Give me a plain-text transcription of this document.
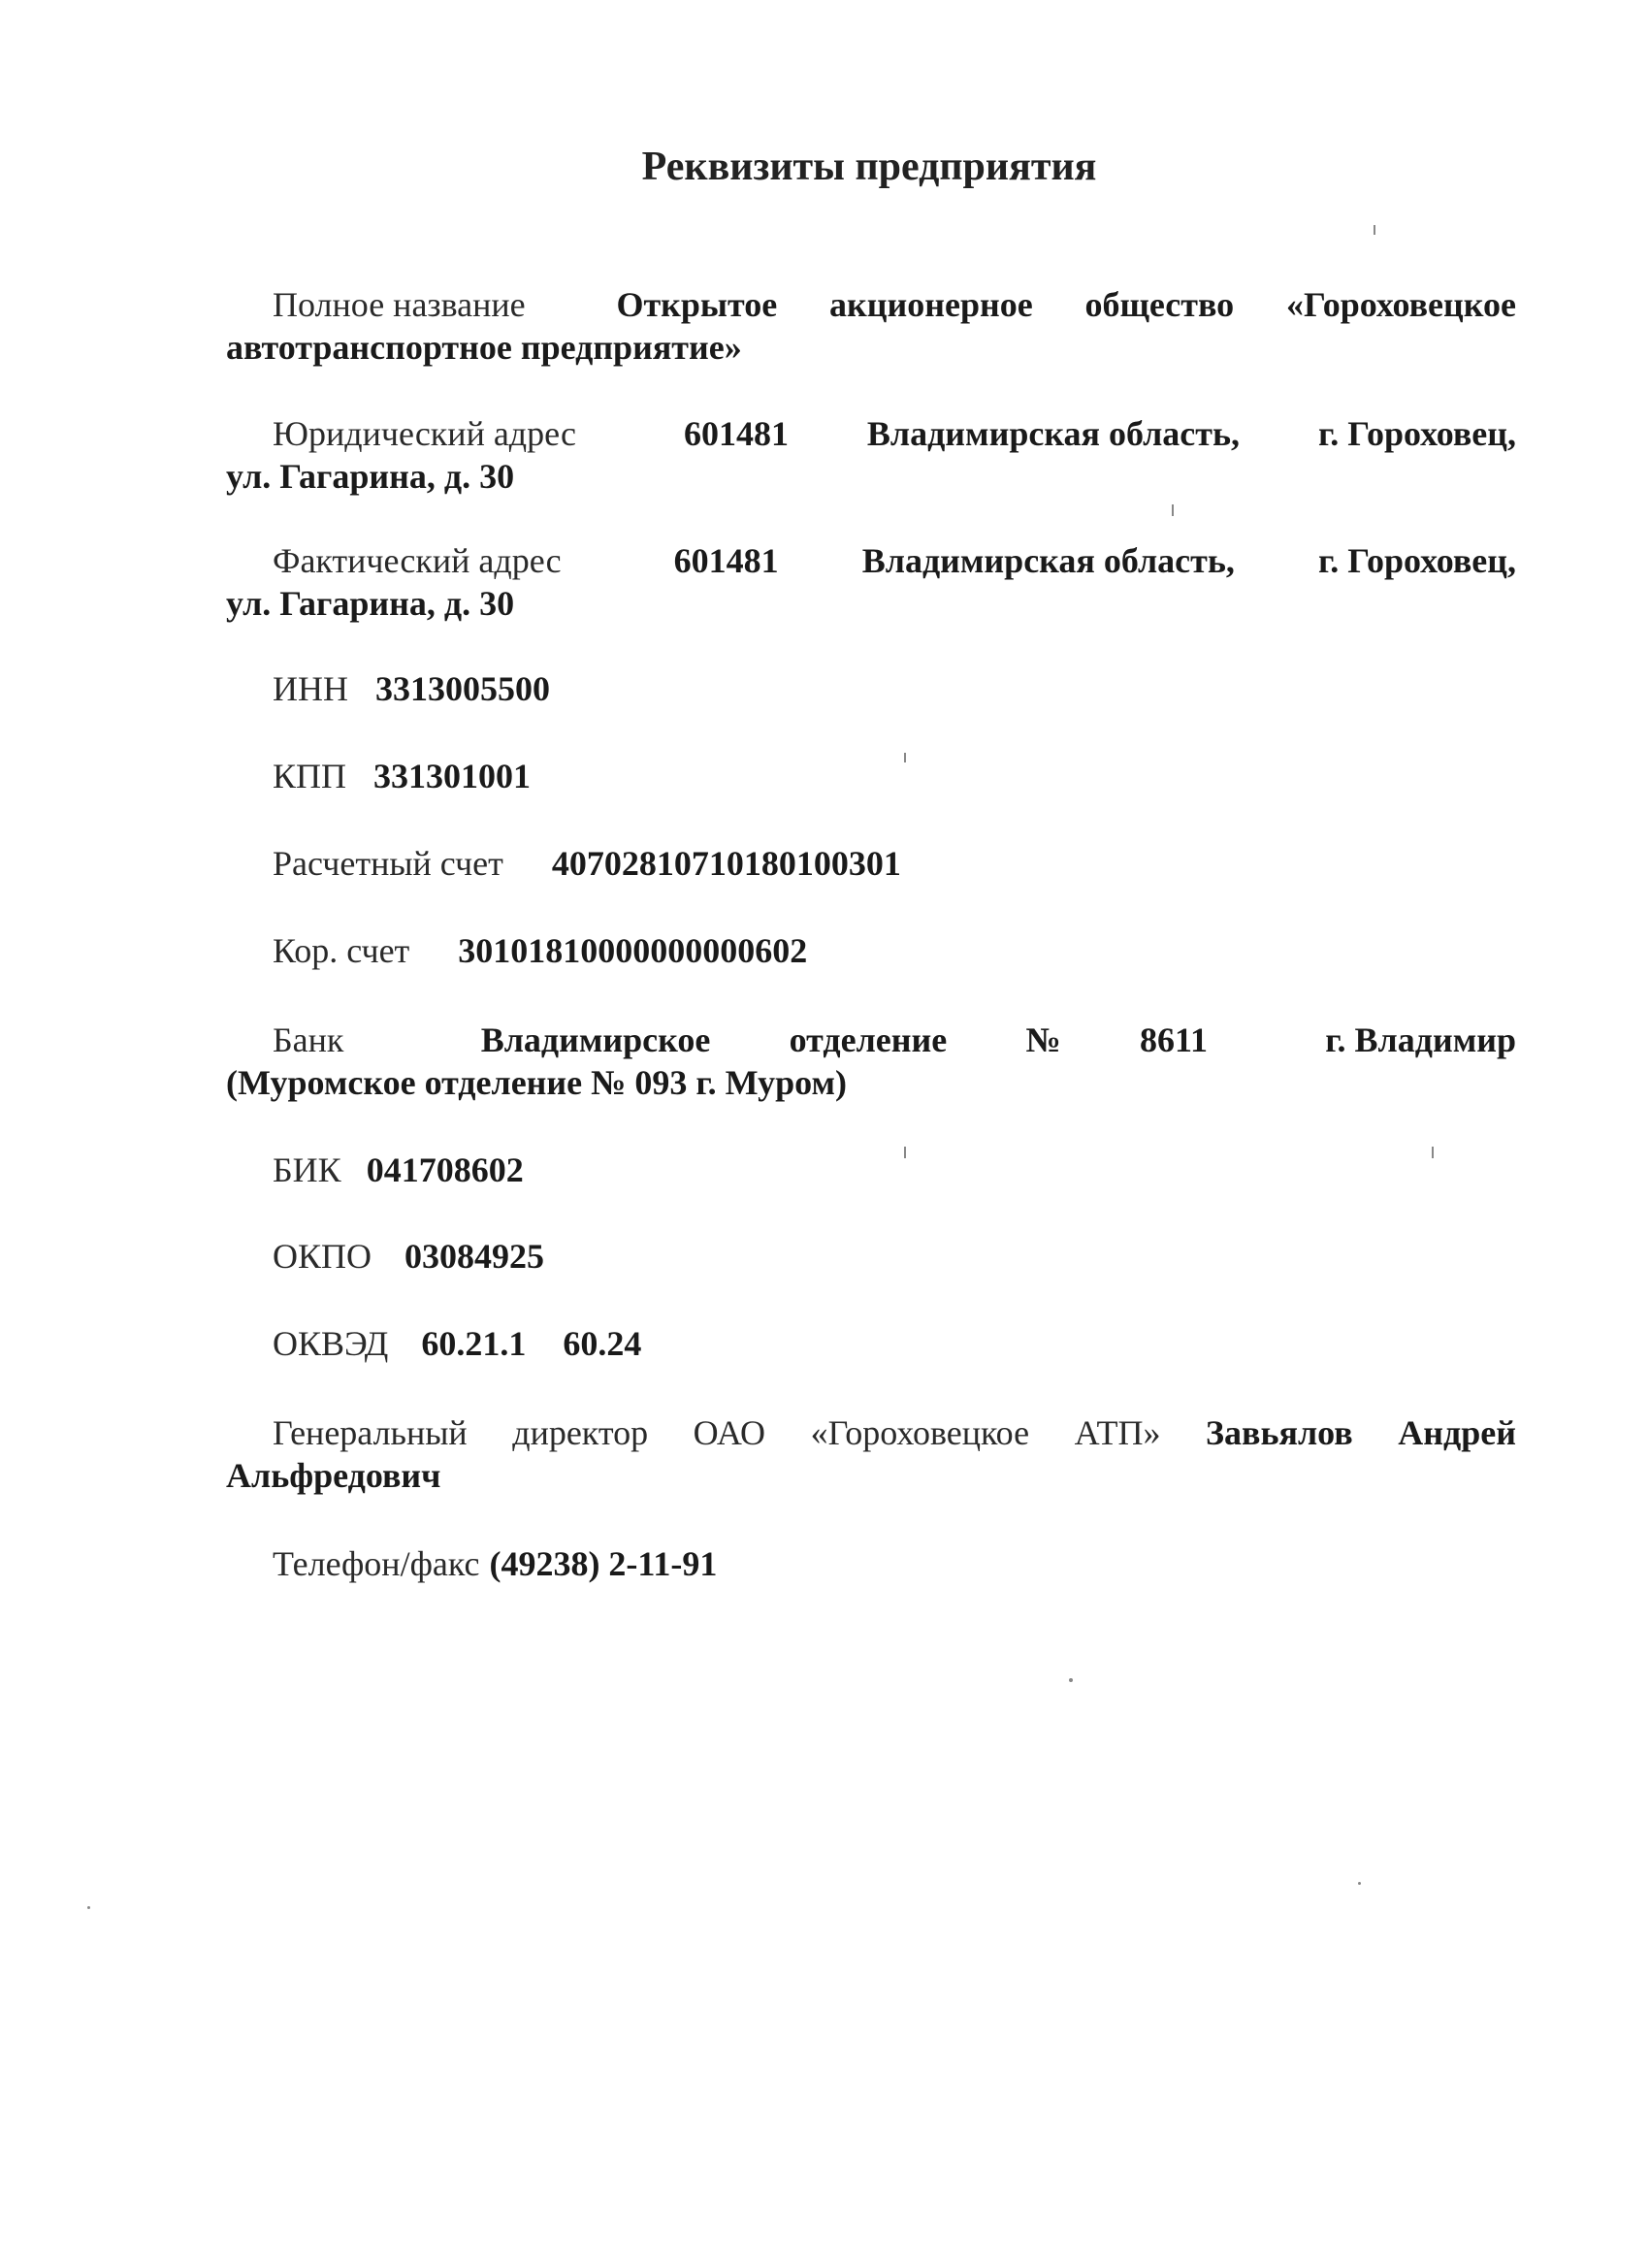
Реквизиты предприятия
Полное название	Открытое акционерное общество «Гороховецкое
автотранспортное предприятие»
Юридический адрес	601481 Владимирская область, г. Гороховец,
ул. Гагарина, д. 30
Фактический адрес	601481 Владимирская область, г. Гороховец,
ул. Гагарина, д. 30
ИНН 3313005500
КПП 331301001
Расчетный счет 40702810710180100301
Кор. счет 30101810000000000602
Банк	Владимирское отделение № 8611	г. Владимир
(Муромское отделение № 093 г. Муром)
БИК 041708602
ОКПО 03084925
ОКВЭД 60.21.1 60.24
Генеральный директор ОАО «Гороховецкое АТП» Завьялов Андрей
Альфредович
Телефон/факс (49238) 2-11-91
